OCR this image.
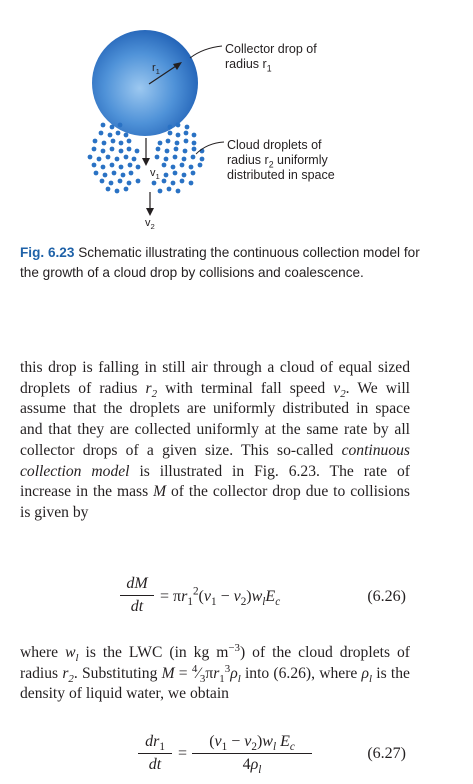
$r_1$
Collector drop of
radius $r_1$
Cloud droplets of
radius $r_2$ uniformly
distributed in space
$v_1$
$v_2$
Fig. 6.23 Schematic illustrating the continuous collection model for the growth of a cloud drop by collisions and coalescence.

this drop is falling in still air through a cloud of equal sized droplets of radius $r_2$ with terminal fall speed $v_2$. We will assume that the droplets are uniformly distributed in space and that they are collected uniformly at the same rate by all collector drops of a given size. This so-called continuous collection model is illustrated in Fig. 6.23. The rate of increase in the mass M of the collector drop due to collisions is given by

dM
dt
= $\pi r_1^2(v_1 - v_2)w_lE_c$	(6.26)

where $w_l$ is the LWC (in kg $m^{-3}$) of the cloud droplets of radius $r_2$. Substituting $M = ^4⁄_3\pi r_1^3\rho_l$ into (6.26), where $\rho_l$ is the density of liquid water, we obtain

$dr_1$
dt
=
$(v_1 - v_2)w_l$ $E_c$
$4\rho_l$
(6.27)
